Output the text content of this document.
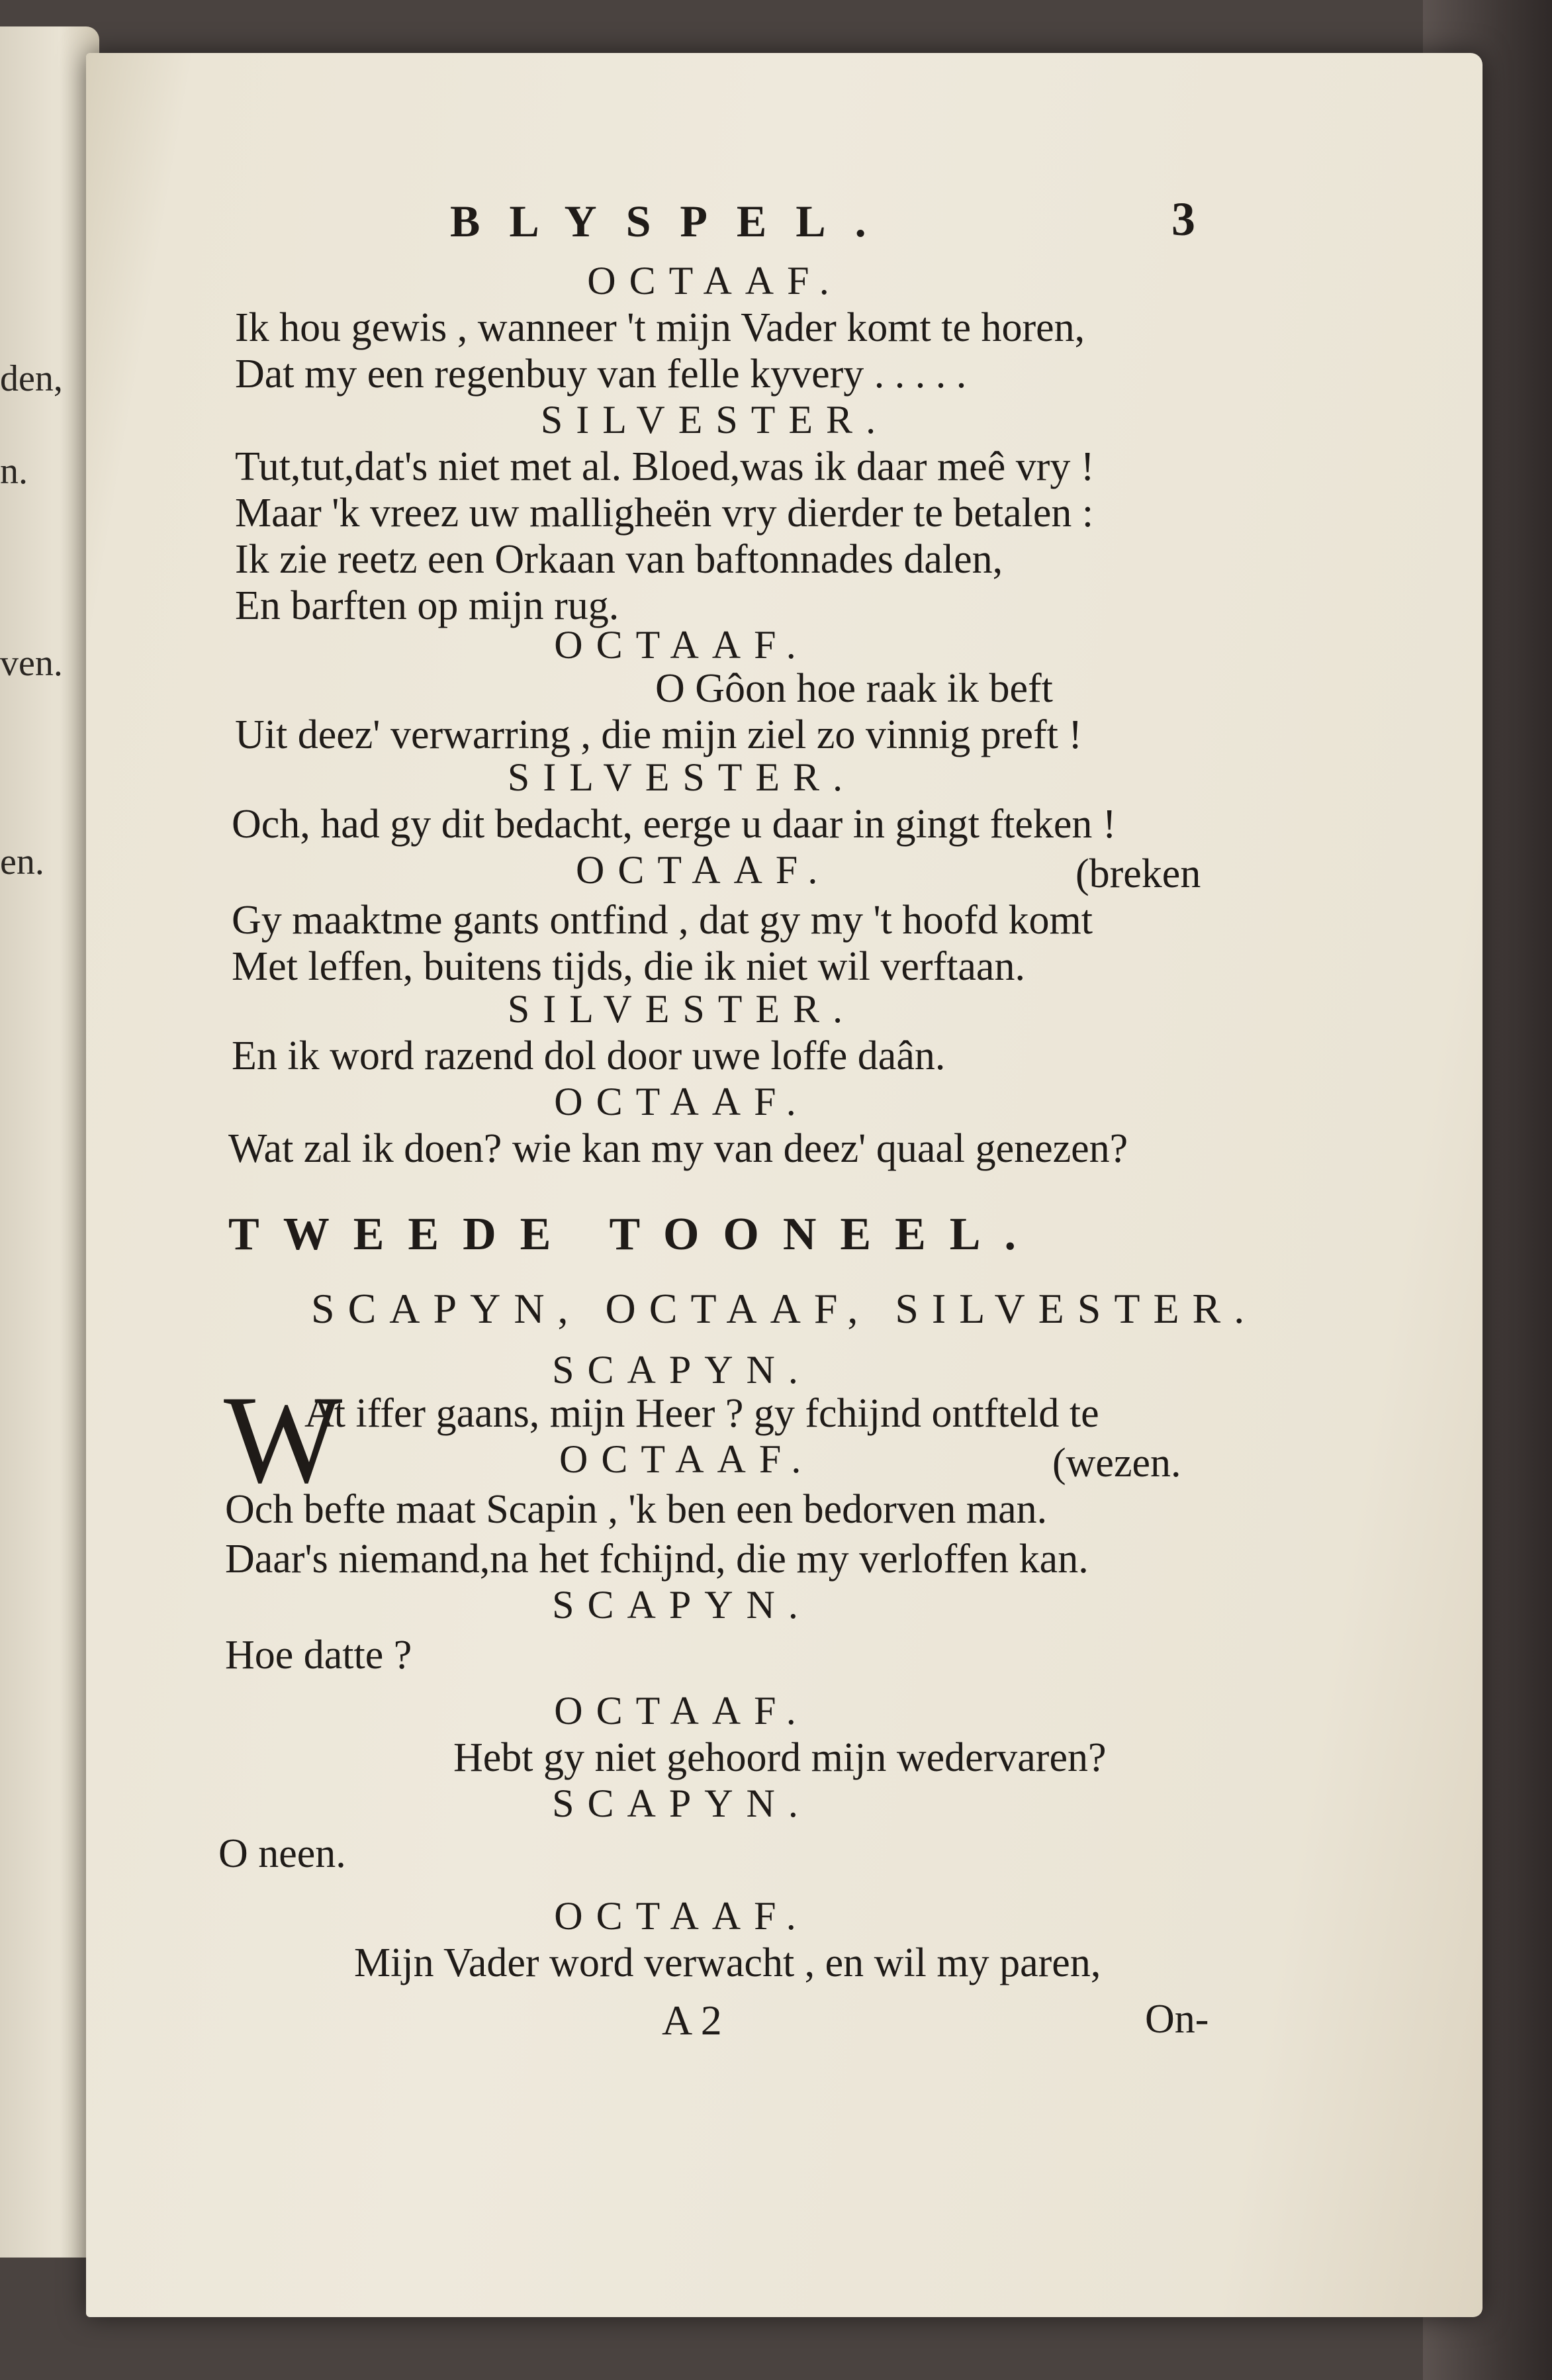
den,
n.
ven.
en.
BLYSPEL.	3
OCTAAF.
Ik hou gewis , wanneer 't mijn Vader komt te horen,
Dat my een regenbuy van felle kyvery . . . . .
SILVESTER.
Tut,tut,dat's niet met al. Bloed,was ik daar meê vry !
Maar 'k vreez uw malligheën vry dierder te betalen :
Ik zie reetz een Orkaan van baftonnades dalen,
En barften op mijn rug.
OCTAAF.
O Gôon hoe raak ik beft
Uit deez' verwarring , die mijn ziel zo vinnig preft !
SILVESTER.
Och, had gy dit bedacht, eerge u daar in gingt fteken !
OCTAAF.	(breken
Gy maaktme gants ontfind , dat gy my 't hoofd komt
Met leffen, buitens tijds, die ik niet wil verftaan.
SILVESTER.
En ik word razend dol door uwe loffe daân.
OCTAAF.
Wat zal ik doen? wie kan my van deez' quaal genezen?
TWEEDE TOONEEL.
SCAPYN, OCTAAF, SILVESTER.
SCAPYN.
W
At iffer gaans, mijn Heer ? gy fchijnd ontfteld te
OCTAAF.	(wezen.
Och befte maat Scapin , 'k ben een bedorven man.
Daar's niemand,na het fchijnd, die my verloffen kan.
SCAPYN.
Hoe datte ?
OCTAAF.
Hebt gy niet gehoord mijn wedervaren?
SCAPYN.
O neen.
OCTAAF.
Mijn Vader word verwacht , en wil my paren,
A 2	On-
